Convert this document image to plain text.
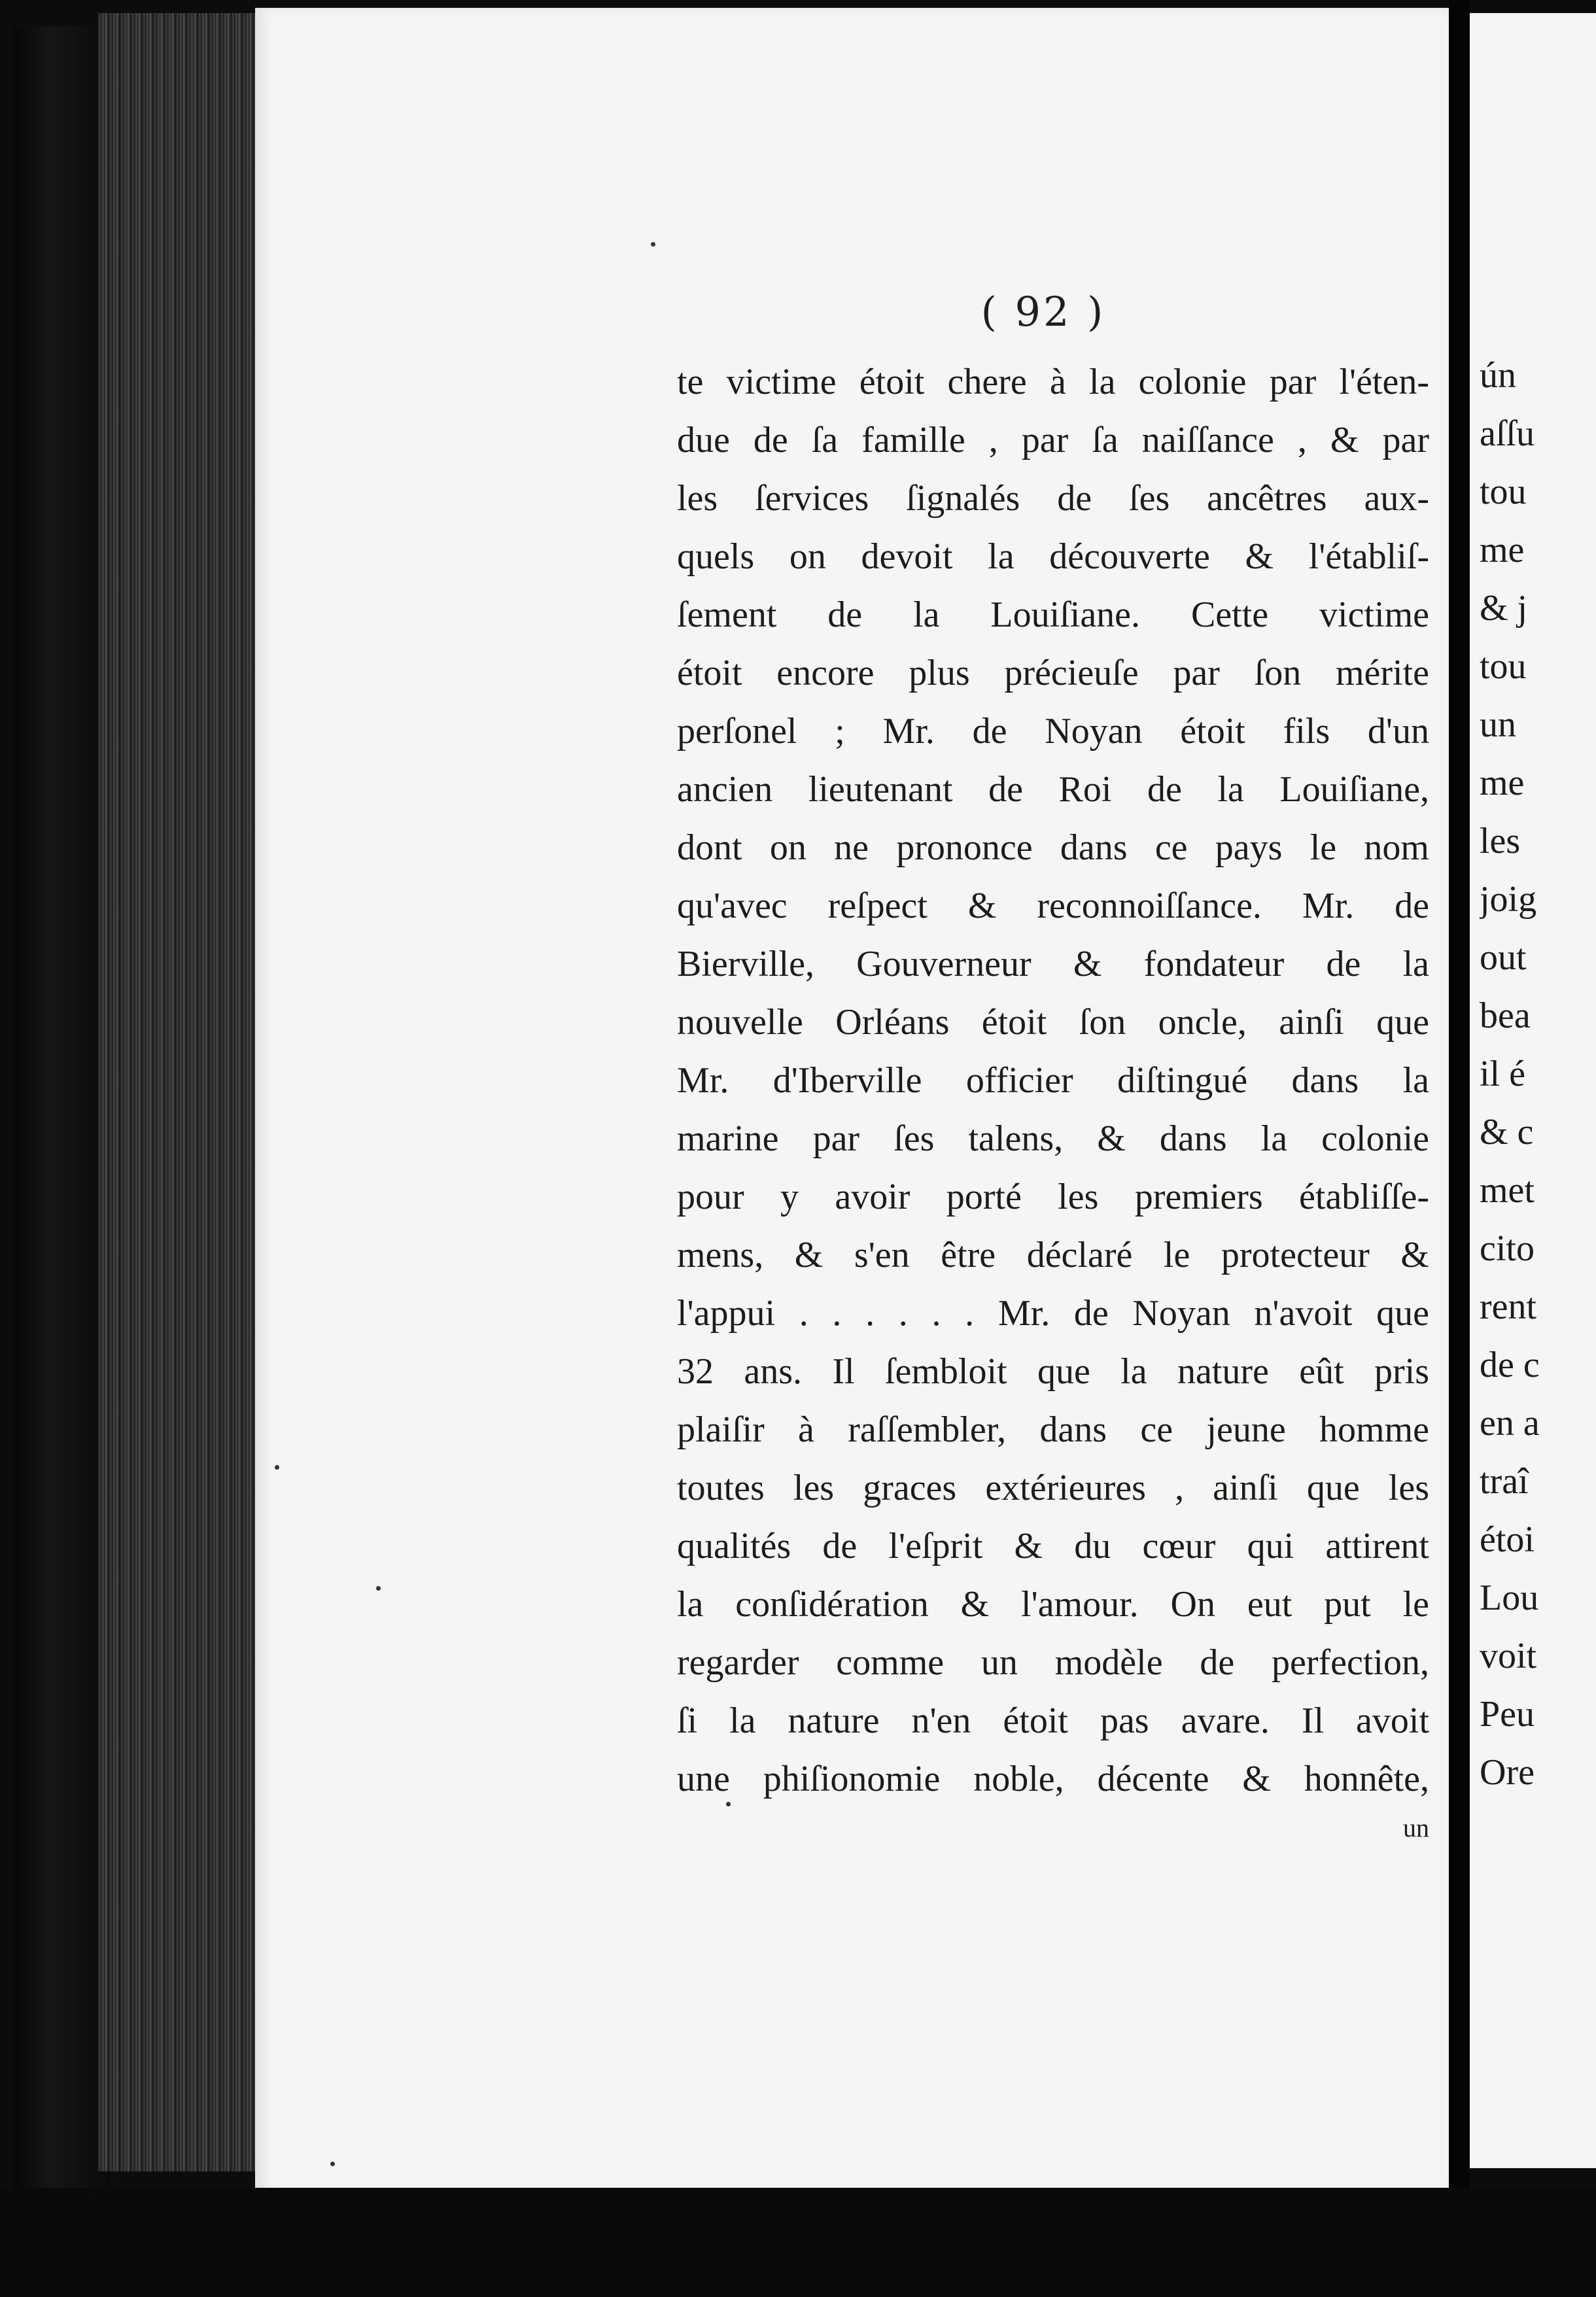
( 92 )
te victime étoit chere à la colonie par l'éten-
due de ſa famille , par ſa naiſſance , & par
les ſervices ſignalés de ſes ancêtres aux-
quels on devoit la découverte & l'établiſ-
ſement de la Louiſiane. Cette victime
étoit encore plus précieuſe par ſon mérite
perſonel ; Mr. de Noyan étoit fils d'un
ancien lieutenant de Roi de la Louiſiane,
dont on ne prononce dans ce pays le nom
qu'avec reſpect & reconnoiſſance. Mr. de
Bierville, Gouverneur & fondateur de la
nouvelle Orléans étoit ſon oncle, ainſi que
Mr. d'Iberville officier diſtingué dans la
marine par ſes talens, & dans la colonie
pour y avoir porté les premiers établiſſe-
mens, & s'en être déclaré le protecteur &
l'appui . . . . . . Mr. de Noyan n'avoit que
32 ans. Il ſembloit que la nature eût pris
plaiſir à raſſembler, dans ce jeune homme
toutes les graces extérieures , ainſi que les
qualités de l'eſprit & du cœur qui attirent
la conſidération & l'amour. On eut put le
regarder comme un modèle de perfection,
ſi la nature n'en étoit pas avare. Il avoit
une phiſionomie noble, décente & honnête,
un
ún
aſſu
tou
me
& j
tou
un
me
les
joig
out
bea
il é
& c
met
cito
rent
de c
en a
traî
étoi
Lou
voit
Peu
Ore
